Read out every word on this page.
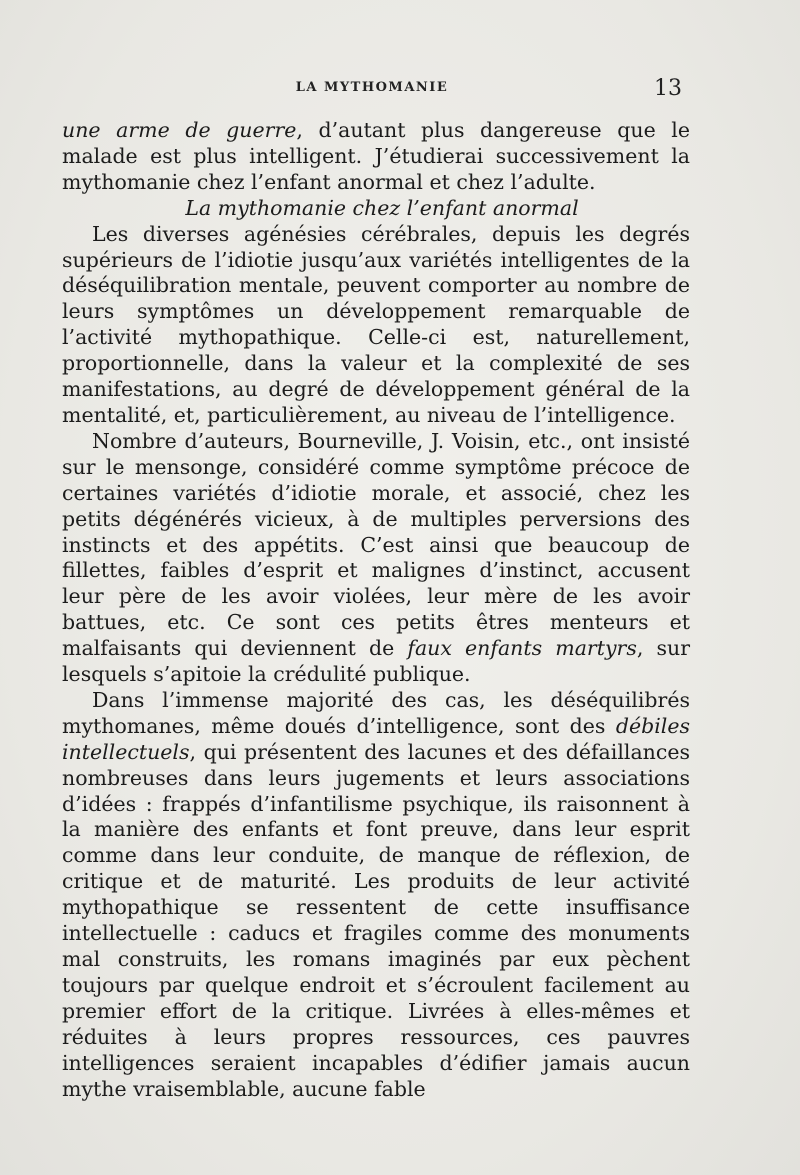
LA MYTHOMANIE	13

une arme de guerre, d’autant plus dangereuse que le malade est plus intelligent. J’étudierai successivement la mythomanie chez l’enfant anormal et chez l’adulte.

La mythomanie chez l’enfant anormal

Les diverses agénésies cérébrales, depuis les degrés supérieurs de l’idiotie jusqu’aux variétés intelligentes de la déséquilibration mentale, peuvent comporter au nombre de leurs symptômes un développement remarquable de l’activité mythopathique. Celle-ci est, naturellement, proportionnelle, dans la valeur et la complexité de ses manifestations, au degré de développement général de la mentalité, et, particulièrement, au niveau de l’intelligence.

Nombre d’auteurs, Bourneville, J. Voisin, etc., ont insisté sur le mensonge, considéré comme symptôme précoce de certaines variétés d’idiotie morale, et associé, chez les petits dégénérés vicieux, à de multiples perversions des instincts et des appétits. C’est ainsi que beaucoup de fillettes, faibles d’esprit et malignes d’instinct, accusent leur père de les avoir violées, leur mère de les avoir battues, etc. Ce sont ces petits êtres menteurs et malfaisants qui deviennent de faux enfants martyrs, sur lesquels s’apitoie la crédulité publique.

Dans l’immense majorité des cas, les déséquilibrés mythomanes, même doués d’intelligence, sont des débiles intellectuels, qui présentent des lacunes et des défaillances nombreuses dans leurs jugements et leurs associations d’idées : frappés d’infantilisme psychique, ils raisonnent à la manière des enfants et font preuve, dans leur esprit comme dans leur conduite, de manque de réflexion, de critique et de maturité. Les produits de leur activité mythopathique se ressentent de cette insuffisance intellectuelle : caducs et fragiles comme des monuments mal construits, les romans imaginés par eux pèchent toujours par quelque endroit et s’écroulent facilement au premier effort de la critique. Livrées à elles-mêmes et réduites à leurs propres ressources, ces pauvres intelligences seraient incapables d’édifier jamais aucun mythe vraisemblable, aucune fable
